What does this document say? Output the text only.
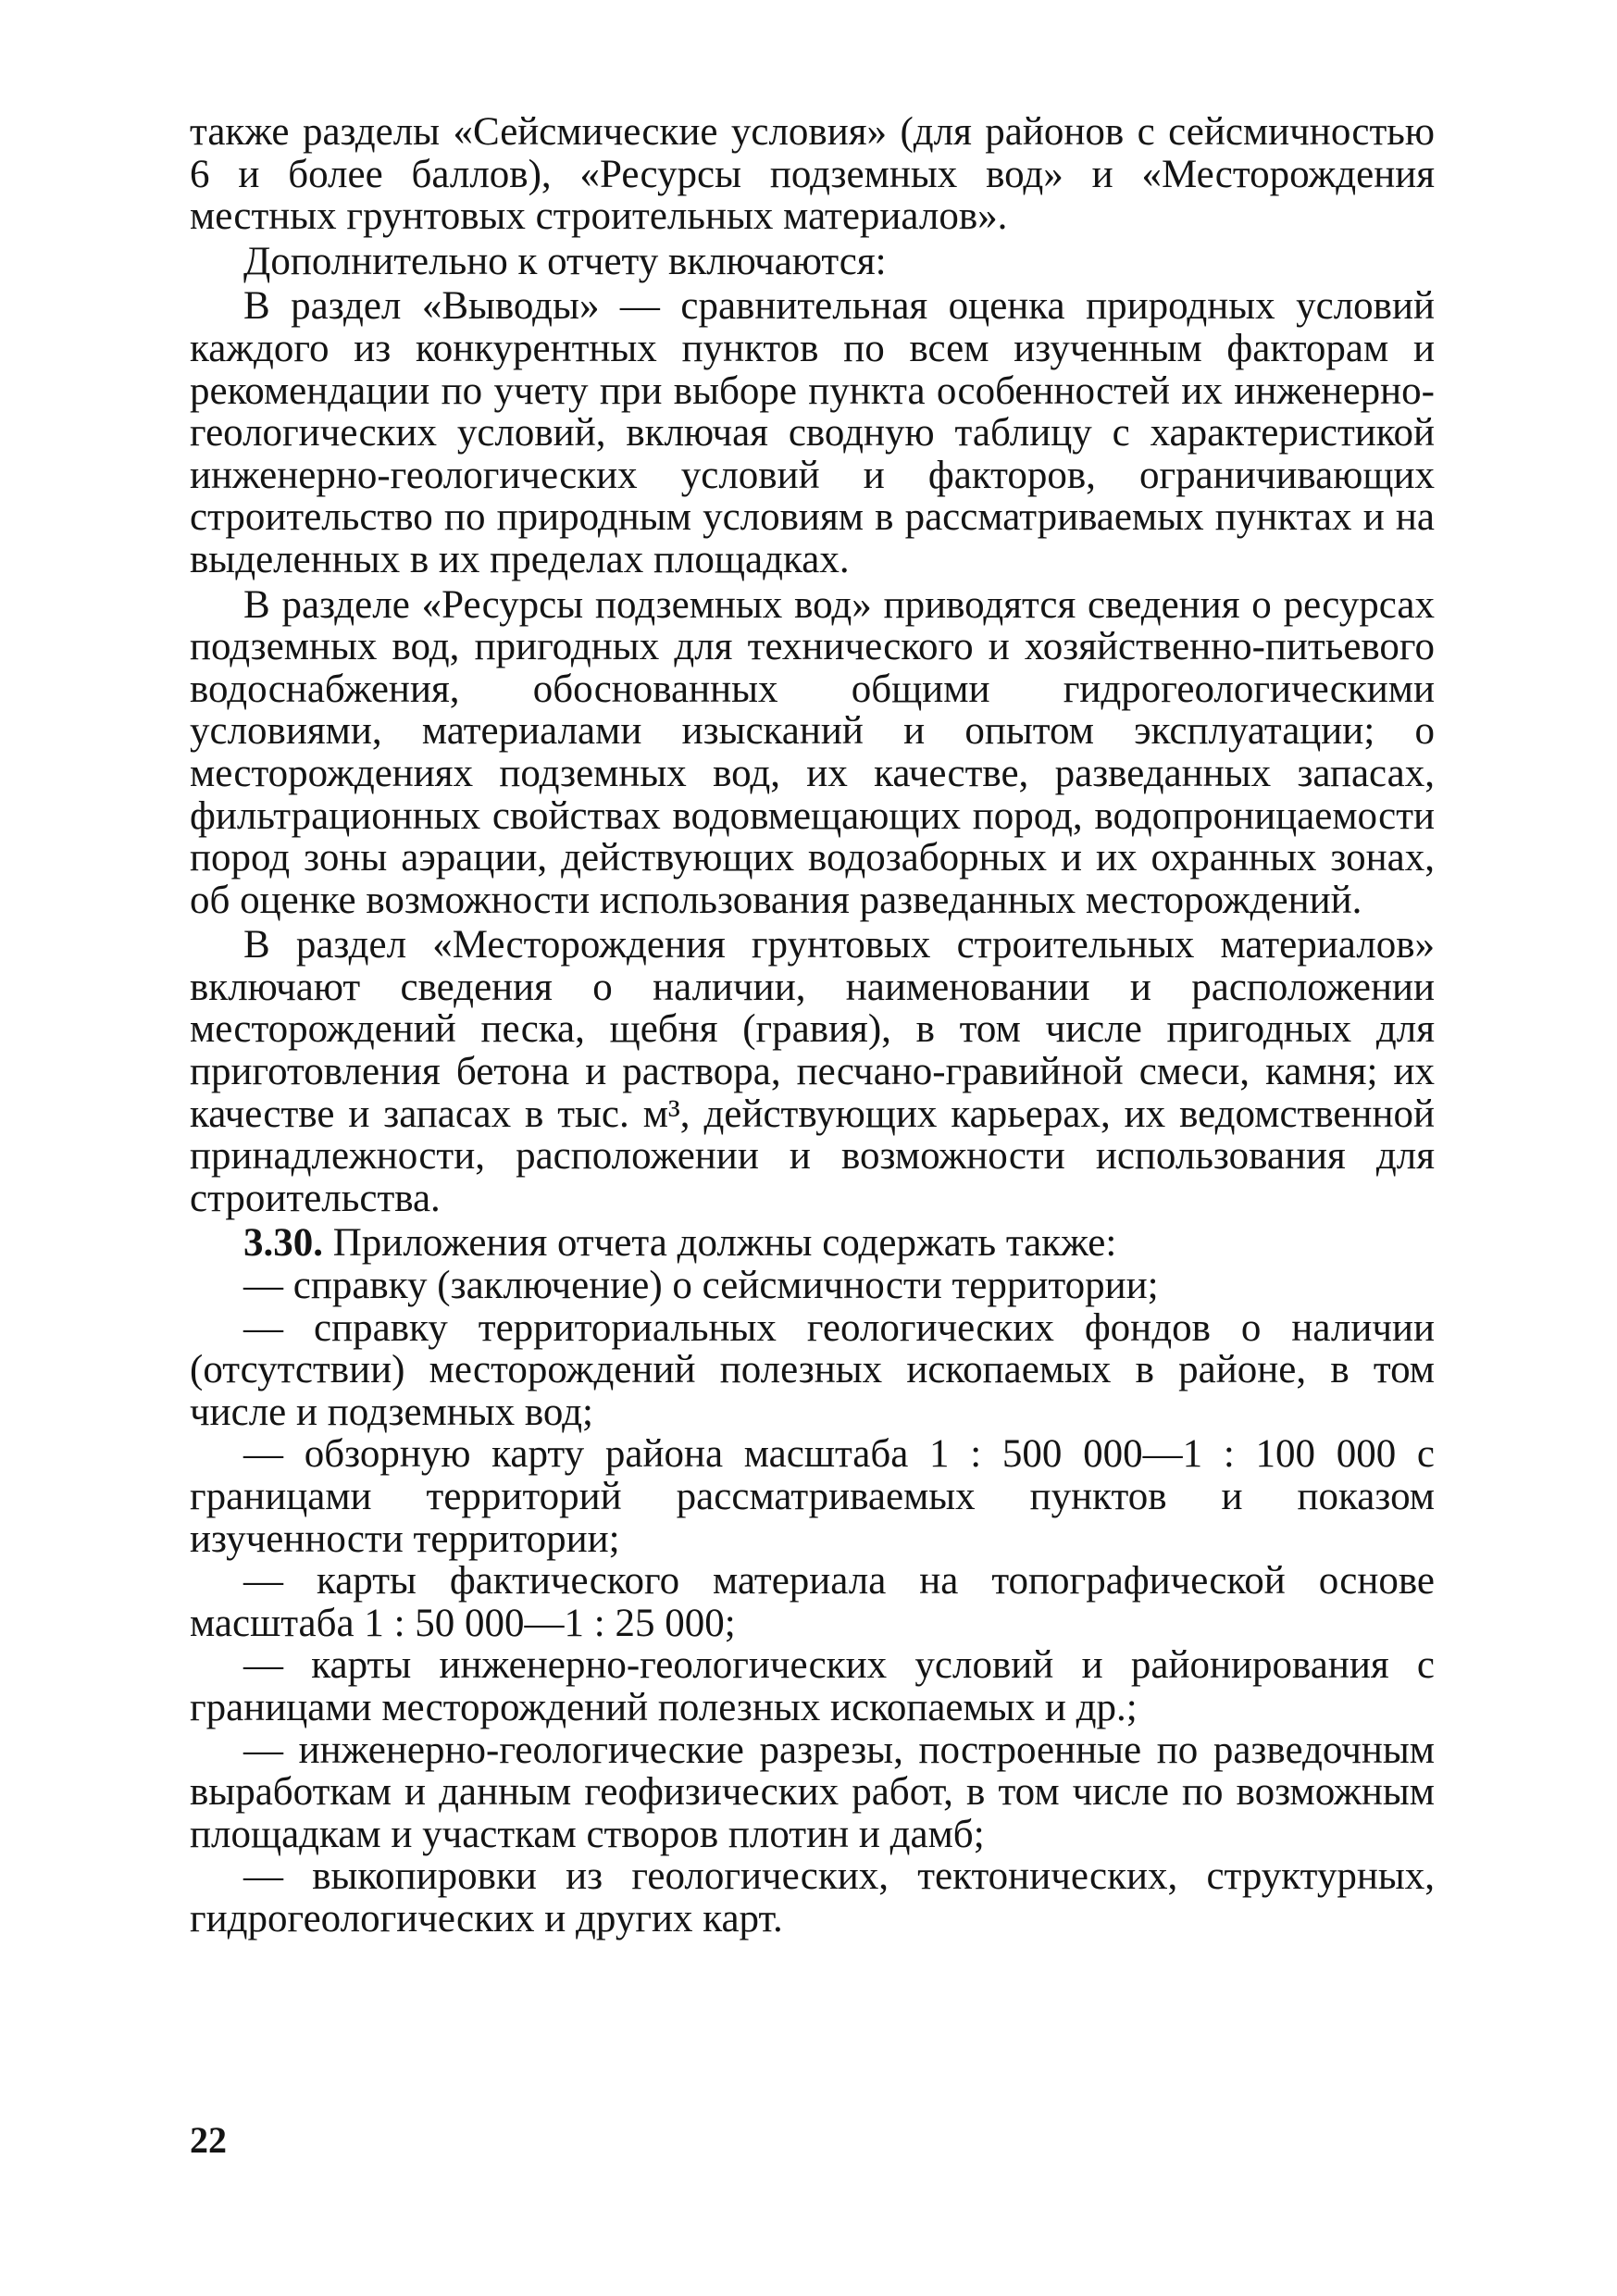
также разделы «Сейсмические условия» (для районов с сейсмичностью 6 и более баллов), «Ресурсы подземных вод» и «Месторождения местных грунтовых строительных материалов».

Дополнительно к отчету включаются:

В раздел «Выводы» — сравнительная оценка природных условий каждого из конкурентных пунктов по всем изученным факторам и рекомендации по учету при выборе пункта особенностей их инженерно-геологических условий, включая сводную таблицу с характеристикой инженерно-геологических условий и факторов, ограничивающих строительство по природным условиям в рассматриваемых пунктах и на выделенных в их пределах площадках.

В разделе «Ресурсы подземных вод» приводятся сведения о ресурсах подземных вод, пригодных для технического и хозяйственно-питьевого водоснабжения, обоснованных общими гидрогеологическими условиями, материалами изысканий и опытом эксплуатации; о месторождениях подземных вод, их качестве, разведанных запасах, фильтрационных свойствах водовмещающих пород, водопроницаемости пород зоны аэрации, действующих водозаборных и их охранных зонах, об оценке возможности использования разведанных месторождений.

В раздел «Месторождения грунтовых строительных материалов» включают сведения о наличии, наименовании и расположении месторождений песка, щебня (гравия), в том числе пригодных для приготовления бетона и раствора, песчано-гравийной смеси, камня; их качестве и запасах в тыс. м³, действующих карьерах, их ведомственной принадлежности, расположении и возможности использования для строительства.

3.30. Приложения отчета должны содержать также:

— справку (заключение) о сейсмичности территории;

— справку территориальных геологических фондов о наличии (отсутствии) месторождений полезных ископаемых в районе, в том числе и подземных вод;

— обзорную карту района масштаба 1 : 500 000—1 : 100 000 с границами территорий рассматриваемых пунктов и показом изученности территории;

— карты фактического материала на топографической основе масштаба 1 : 50 000—1 : 25 000;

— карты инженерно-геологических условий и районирования с границами месторождений полезных ископаемых и др.;

— инженерно-геологические разрезы, построенные по разведочным выработкам и данным геофизических работ, в том числе по возможным площадкам и участкам створов плотин и дамб;

— выкопировки из геологических, тектонических, структурных, гидрогеологических и других карт.

22
